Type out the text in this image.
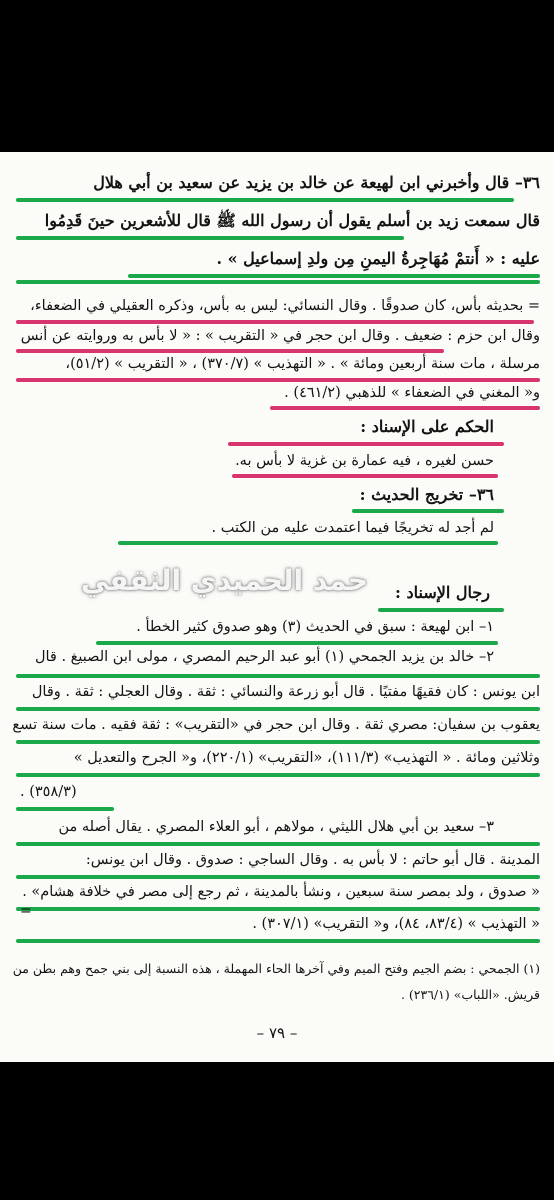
٣٦– قال وأخبرني ابن لهيعة عن خالد بن يزيد عن سعيد بن أبي هلال
قال سمعت زيد بن أسلم يقول أن رسول الله ﷺ قال للأشعرين حينَ قَدِمُوا
عليه : « أَنتمْ مُهَاجِرةُ اليمنِ مِن ولدِ إسماعيل » .
= بحديثه بأس، كان صدوقًا . وقال النسائي: ليس به بأس، وذكره العقيلي في الضعفاء،
وقال ابن حزم : ضعيف . وقال ابن حجر في « التقريب » : « لا بأس به وروايته عن أنس
مرسلة ، مات سنة أربعين ومائة » . « التهذيب » (٣٧٠/٧) ، « التقريب » (٥١/٢)،
و« المغني في الضعفاء » للذهبي (٤٦١/٢) .
الحكم على الإسناد :
حسن لغيره ، فيه عمارة بن غزية لا بأس به.
٣٦– تخريج الحديث :
لم أجد له تخريجًا فيما اعتمدت عليه من الكتب .
رجال الإسناد :
١– ابن لهيعة : سبق في الحديث (٣) وهو صدوق كثير الخطأ .
٢– خالد بن يزيد الجمحي (١) أبو عبد الرحيم المصري ، مولى ابن الصبيغ . قال
ابن يونس : كان فقيهًا مفتيًا . قال أبو زرعة والنسائي : ثقة . وقال العجلي : ثقة . وقال
يعقوب بن سفيان: مصري ثقة . وقال ابن حجر في «التقريب» : ثقة فقيه . مات سنة تسع
وثلاثين ومائة . « التهذيب» (١١١/٣)، «التقريب» (٢٢٠/١)، و« الجرح والتعديل »
(٣٥٨/٣) .
٣– سعيد بن أبي هلال الليثي ، مولاهم ، أبو العلاء المصري . يقال أصله من
المدينة . قال أبو حاتم : لا بأس به . وقال الساجي : صدوق . وقال ابن يونس:
« صدوق ، ولد بمصر سنة سبعين ، ونشأ بالمدينة ، ثم رجع إلى مصر في خلافة هشام» .
=
« التهذيب » (٨٣/٤، ٨٤)، و« التقريب» (٣٠٧/١) .
(١) الجمحي : بضم الجيم وفتح الميم وفي آخرها الحاء المهملة ، هذه النسبة إلى بني جمح وهم بطن من
قريش. «اللباب» (٢٣٦/١) .
– ٧٩ –
حمد الحميدي الثقفي
